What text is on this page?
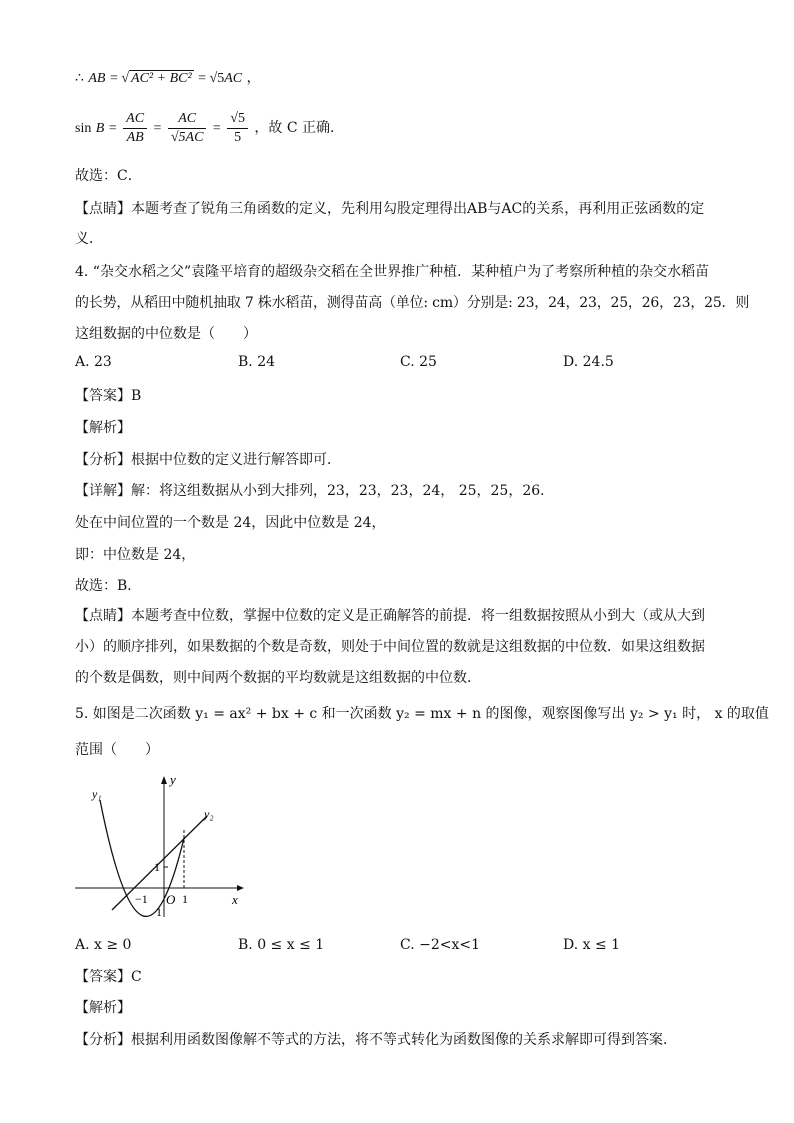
∴ AB = √ AC² + BC² = √5AC ，
$\sin B = \frac{AC}{AB} = \frac{AC}{√5AC} = \frac{√5}{5}$ ，故 C 正确．
故选：C．
【点睛】本题考查了锐角三角函数的定义，先利用勾股定理得出AB与AC的关系，再利用正弦函数的定
义．
4. “杂交水稻之父”袁隆平培育的超级杂交稻在全世界推广种植．某种植户为了考察所种植的杂交水稻苗
的长势，从稻田中随机抽取 7 株水稻苗，测得苗高（单位: cm）分别是: 23，24，23，25，26，23，25．则
这组数据的中位数是（　　）
A. 23	B. 24	C. 25	D. 24.5
【答案】B
【解析】
【分析】根据中位数的定义进行解答即可．
【详解】解：将这组数据从小到大排列，23，23，23，24， 25，25，26．
处在中间位置的一个数是 24，因此中位数是 24，
即：中位数是 24，
故选：B．
【点睛】本题考查中位数，掌握中位数的定义是正确解答的前提．将一组数据按照从小到大（或从大到
小）的顺序排列，如果数据的个数是奇数，则处于中间位置的数就是这组数据的中位数．如果这组数据
的个数是偶数，则中间两个数据的平均数就是这组数据的中位数．
5. 如图是二次函数 y₁ = ax² + bx + c 和一次函数 y₂ = mx + n 的图像，观察图像写出 y₂ > y₁ 时， x 的取值
范围（　　）
y
x
O
y₁
y₂
−1	1
1
1
A. x ≥ 0	B. 0 ≤ x ≤ 1	C. −2<x<1	D. x ≤ 1
【答案】C
【解析】
【分析】根据利用函数图像解不等式的方法，将不等式转化为函数图像的关系求解即可得到答案．
